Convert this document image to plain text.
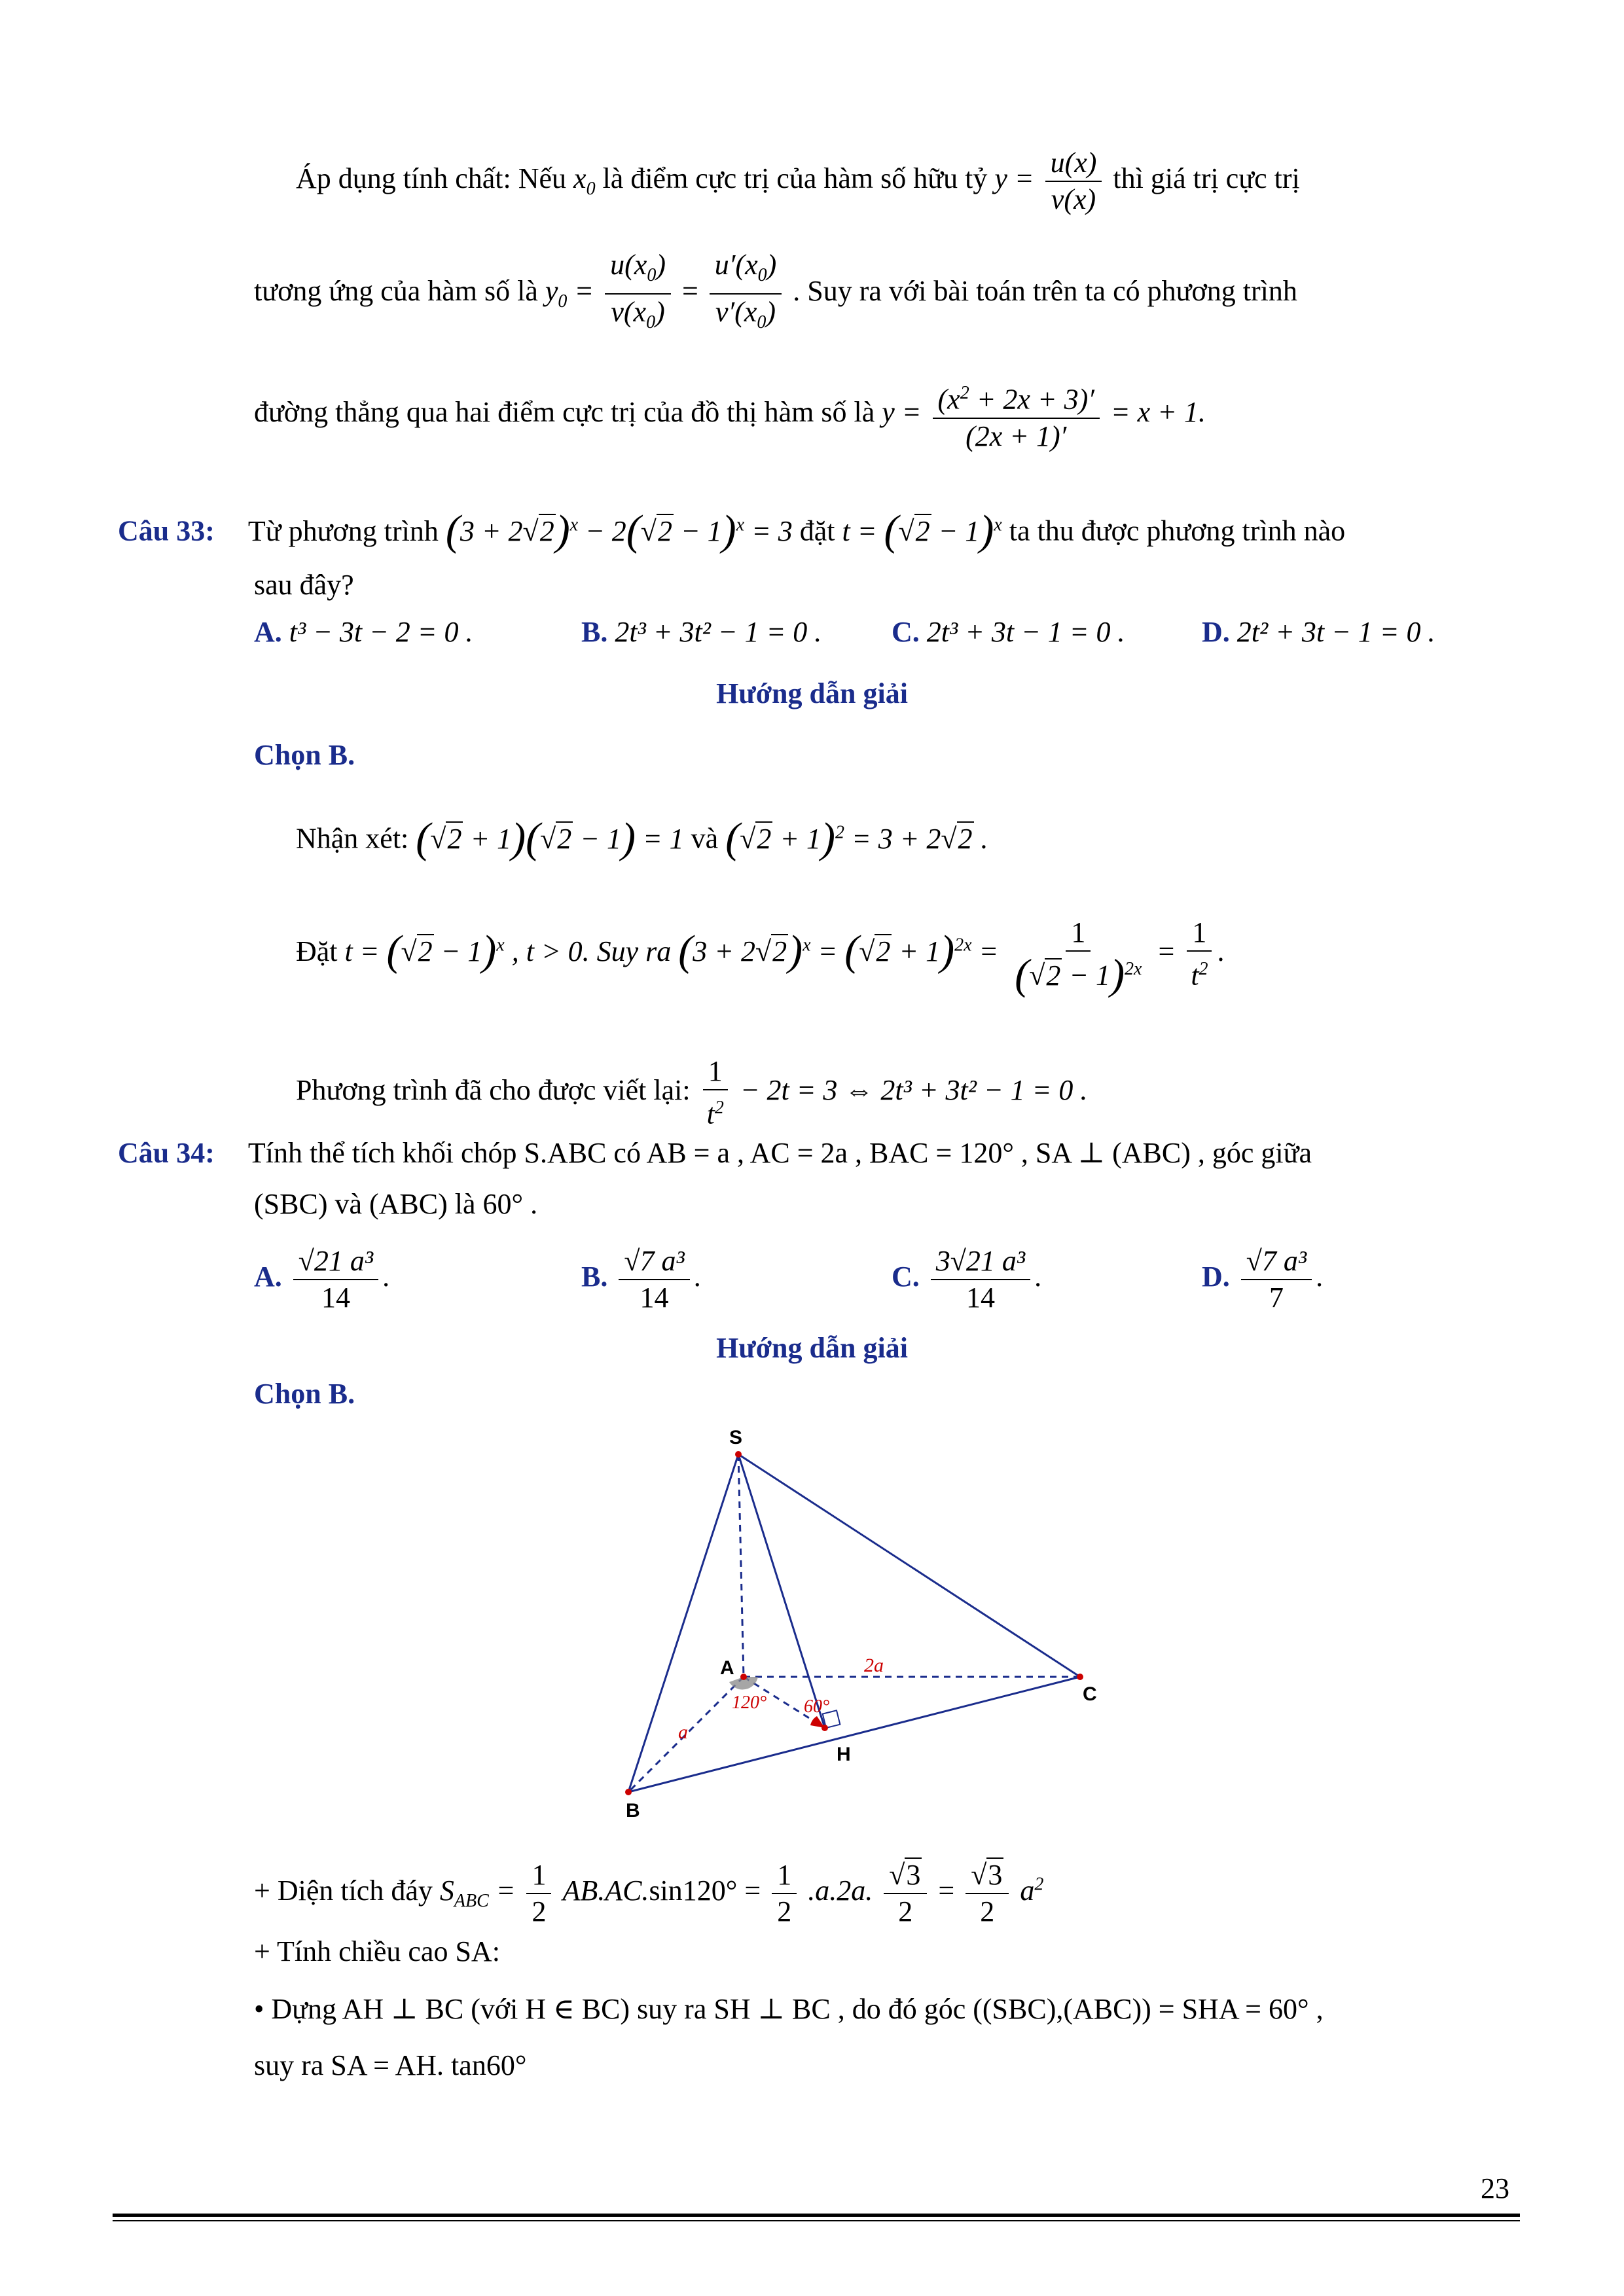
Áp dụng tính chất: Nếu $x_0$ là điểm cực trị của hàm số hữu tỷ $y = \frac{u(x)}{v(x)}$ thì giá trị cực trị
tương ứng của hàm số là $y_0 = \frac{u(x_0)}{v(x_0)} = \frac{u'(x_0)}{v'(x_0)}$ . Suy ra với bài toán trên ta có phương trình
đường thẳng qua hai điểm cực trị của đồ thị hàm số là $y = \frac{(x^2 + 2x + 3)'}{(2x + 1)'} = x + 1$.
Câu 33: Từ phương trình $(3 + 2√2)^x - 2(√2 - 1)^x = 3$ đặt $t = (√2 - 1)^x$ ta thu được phương trình nào
sau đây?
A. t³ − 3t − 2 = 0 .	B. 2t³ + 3t² − 1 = 0 . C. 2t³ + 3t − 1 = 0 .	D. 2t² + 3t − 1 = 0 .
Hướng dẫn giải
Chọn B.
Nhận xét: (√2 + 1)(√2 − 1) = 1 và $(√2 + 1)^2 = 3 + 2√2$ .
Đặt $t = (√2 - 1)^x$ , t > 0. Suy ra $(3 + 2√2)^x = (√2 + 1)^{2x} = \frac{1}{(√2 - 1)^{2x}} = \frac{1}{t^2}$ .
Phương trình đã cho được viết lại: $\frac{1}{t^2} - 2t = 3$ ⇔ 2t³ + 3t² − 1 = 0 .
Câu 34: Tính thể tích khối chóp S.ABC có AB = a , AC = 2a , BAC = 120° , SA ⊥ (ABC) , góc giữa
(SBC) và (ABC) là 60° .
A. $\frac{\text{√21 a³}}{14}$ .	B. $\frac{\text{√7 a³}}{14}$ .	C. $\frac{\text{3√21 a³}}{14}$ .	D. $\frac{\text{√7 a³}}{7}$ .
Hướng dẫn giải
Chọn B.
S
A
B
C
H
a
2a
120° 60°
+ Diện tích đáy $S_{ABC} = \frac{1}{2} AB.AC.\sin 120^\circ = \frac{1}{2} .a.2a$. $\frac{√3}{2} = \frac{√3}{2} a^2$
+ Tính chiều cao SA:
• Dựng AH ⊥ BC (với H ∈ BC) suy ra SH ⊥ BC , do đó góc ((SBC),(ABC)) = SHA = 60° ,
suy ra SA = AH. tan60°
23
